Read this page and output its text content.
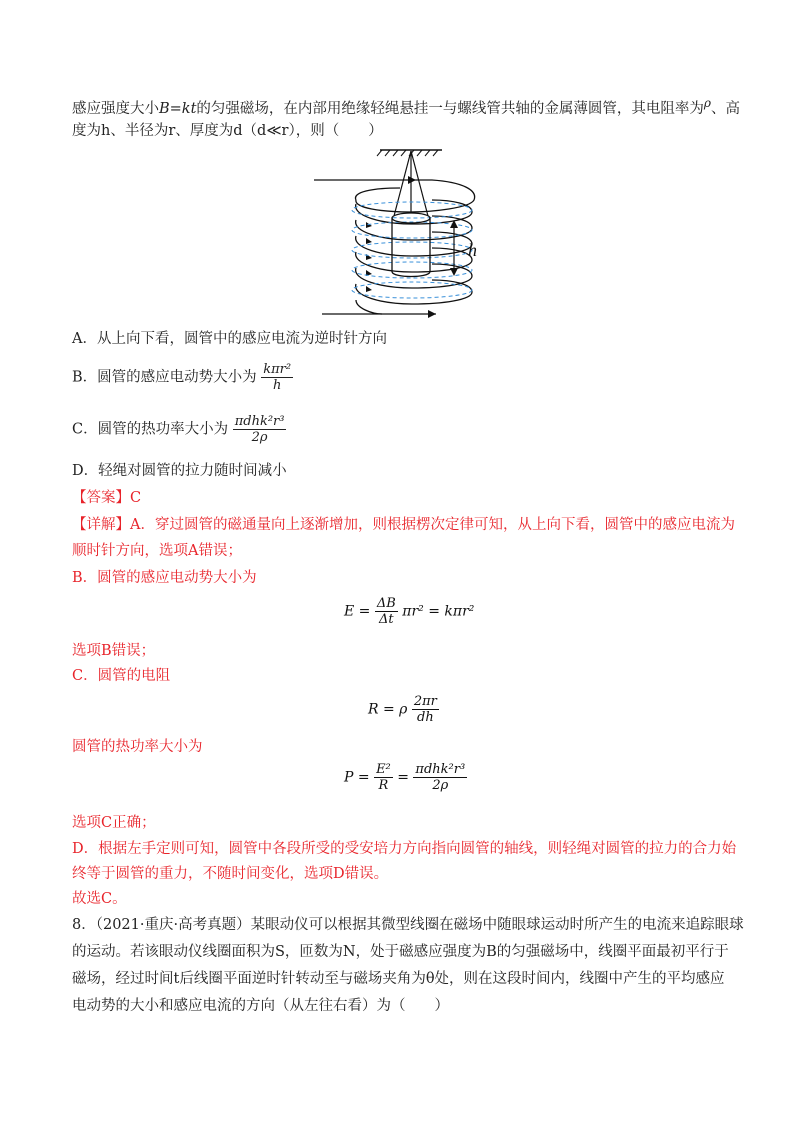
感应强度大小B=kt的匀强磁场，在内部用绝缘轻绳悬挂一与螺线管共轴的金属薄圆管，其电阻率为$^\rho$、高
度为h、半径为r、厚度为d（d≪r），则（　　）
h
A．从上向下看，圆管中的感应电流为逆时针方向
B．圆管的感应电动势大小为 $\frac{\text{kπr²}}{h}$
C．圆管的热功率大小为 $\frac{\text{πdhk²r³}}{2\rho}$
D．轻绳对圆管的拉力随时间减小
【答案】C
【详解】A．穿过圆管的磁通量向上逐渐增加，则根据楞次定律可知，从上向下看，圆管中的感应电流为
顺时针方向，选项A错误；
B．圆管的感应电动势大小为
$E = \frac{\Delta B}{\Delta t} \pi r^2 = k\pi r^2$
选项B错误；
C．圆管的电阻
R = ρ $\frac{2\pi r}{dh}$
圆管的热功率大小为
$P = \frac{\text{E²}}{R} = \frac{\text{πdhk²r³}}{2\rho}$
选项C正确；
D．根据左手定则可知，圆管中各段所受的受安培力方向指向圆管的轴线，则轻绳对圆管的拉力的合力始
终等于圆管的重力，不随时间变化，选项D错误。
故选C。
8．（2021·重庆·高考真题）某眼动仪可以根据其微型线圈在磁场中随眼球运动时所产生的电流来追踪眼球
的运动。若该眼动仪线圈面积为S，匝数为N，处于磁感应强度为B的匀强磁场中，线圈平面最初平行于
磁场，经过时间t后线圈平面逆时针转动至与磁场夹角为θ处，则在这段时间内，线圈中产生的平均感应
电动势的大小和感应电流的方向（从左往右看）为（　　）
